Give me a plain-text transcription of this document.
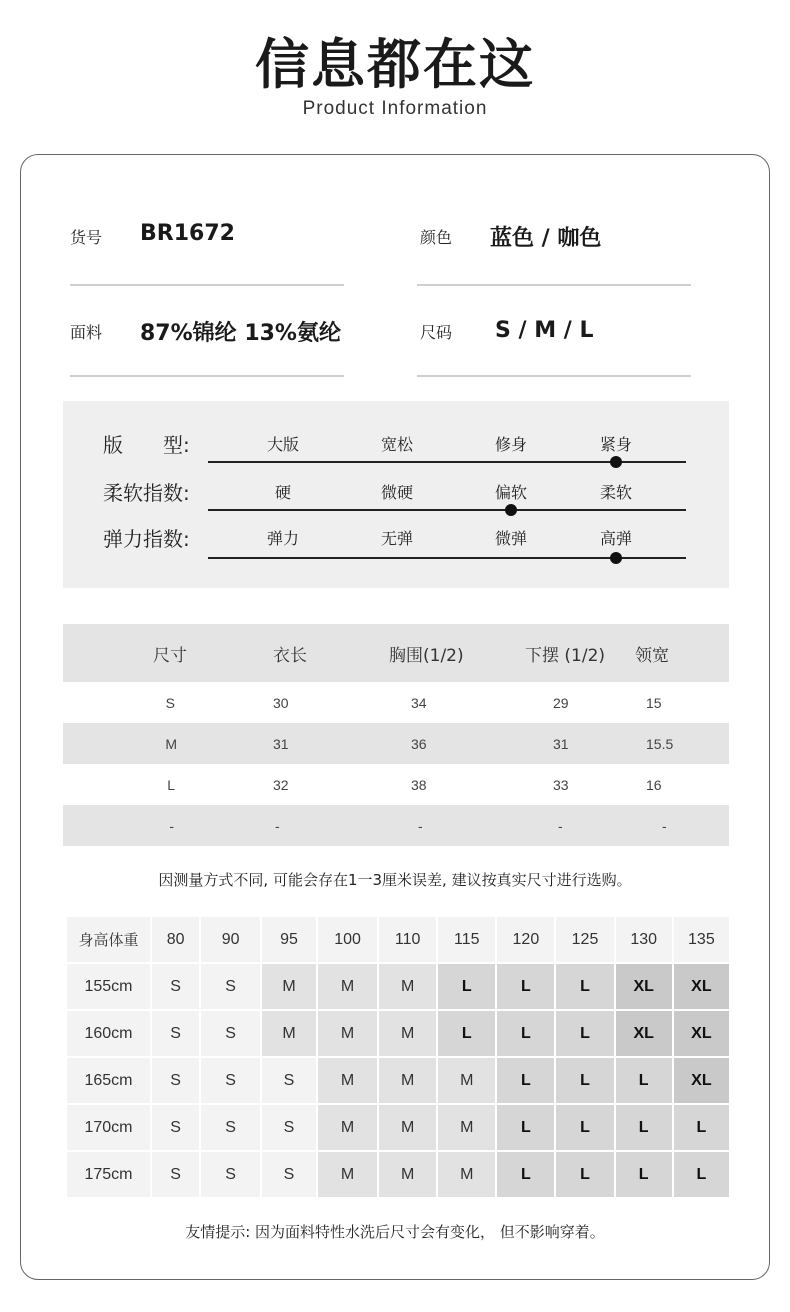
信息都在这
Product Information
货号 BR1672	颜色 蓝色 / 咖色
面料 87%锦纶 13%氨纶	尺码 S / M / L
版　　型:	大版	宽松	修身	紧身
柔软指数:	硬	微硬	偏软	柔软
弹力指数:	弹力	无弹	微弹	高弹
尺寸	衣长	胸围(1/2)	下摆 (1/2)	领宽
S	30	34	29	15
M	31	36	31	15.5
L	32	38	33	16
-	-	-	-	-
因测量方式不同, 可能会存在1一3厘米误差, 建议按真实尺寸进行选购。
身高体重	80	90	95	100	110	115	120	125	130	135
155cm	S	S	M	M	M	L	L	L	XL	XL
160cm	S	S	M	M	M	L	L	L	XL	XL
165cm	S	S	S	M	M	M	L	L	L	XL
170cm	S	S	S	M	M	M	L	L	L	L
175cm	S	S	S	M	M	M	L	L	L	L
友情提示: 因为面料特性水洗后尺寸会有变化， 但不影响穿着。
